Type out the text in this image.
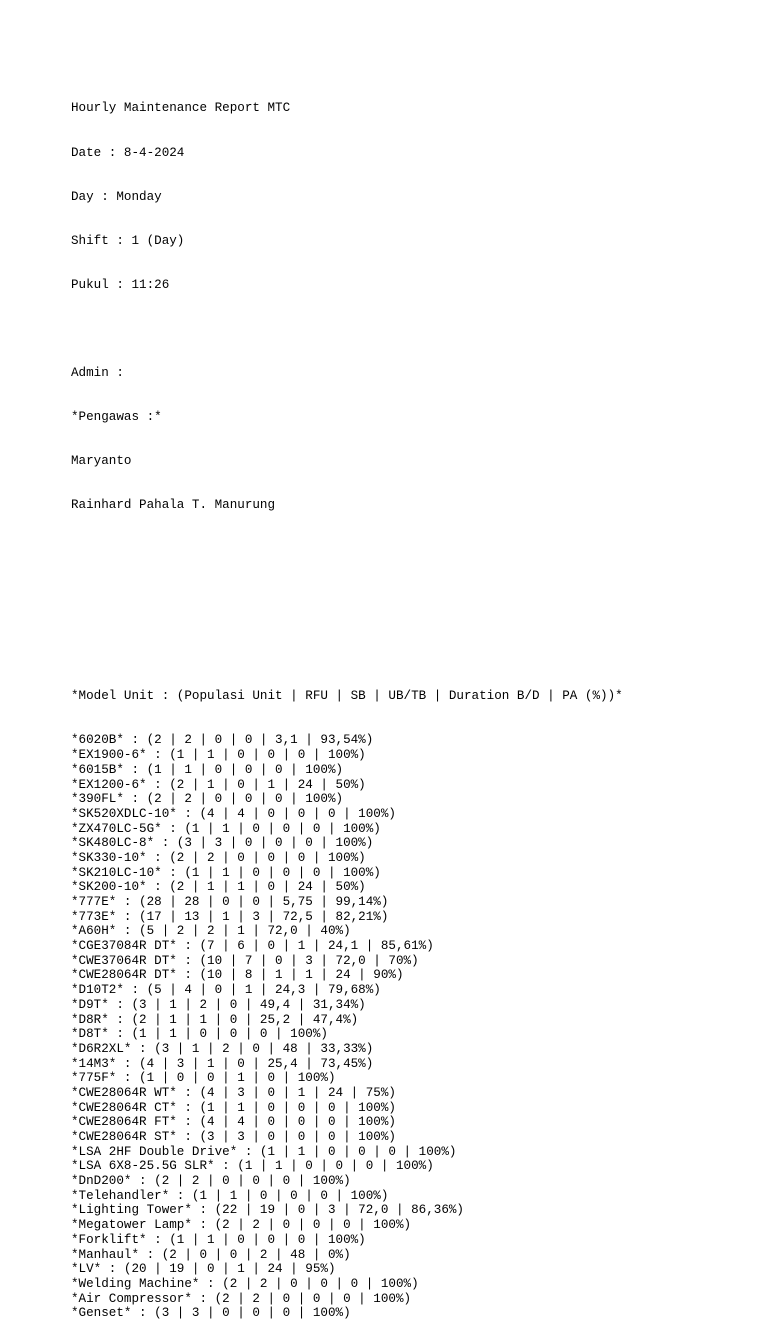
Hourly Maintenance Report MTC

Date : 8-4-2024

Day : Monday

Shift : 1 (Day)

Pukul : 11:26

Admin :

*Pengawas :*

Maryanto

Rainhard Pahala T. Manurung

*Model Unit : (Populasi Unit | RFU | SB | UB/TB | Duration B/D | PA (%))*

*6020B* : (2 | 2 | 0 | 0 | 3,1 | 93,54%)
*EX1900-6* : (1 | 1 | 0 | 0 | 0 | 100%)
*6015B* : (1 | 1 | 0 | 0 | 0 | 100%)
*EX1200-6* : (2 | 1 | 0 | 1 | 24 | 50%)
*390FL* : (2 | 2 | 0 | 0 | 0 | 100%)
*SK520XDLC-10* : (4 | 4 | 0 | 0 | 0 | 100%)
*ZX470LC-5G* : (1 | 1 | 0 | 0 | 0 | 100%)
*SK480LC-8* : (3 | 3 | 0 | 0 | 0 | 100%)
*SK330-10* : (2 | 2 | 0 | 0 | 0 | 100%)
*SK210LC-10* : (1 | 1 | 0 | 0 | 0 | 100%)
*SK200-10* : (2 | 1 | 1 | 0 | 24 | 50%)
*777E* : (28 | 28 | 0 | 0 | 5,75 | 99,14%)
*773E* : (17 | 13 | 1 | 3 | 72,5 | 82,21%)
*A60H* : (5 | 2 | 2 | 1 | 72,0 | 40%)
*CGE37084R DT* : (7 | 6 | 0 | 1 | 24,1 | 85,61%)
*CWE37064R DT* : (10 | 7 | 0 | 3 | 72,0 | 70%)
*CWE28064R DT* : (10 | 8 | 1 | 1 | 24 | 90%)
*D10T2* : (5 | 4 | 0 | 1 | 24,3 | 79,68%)
*D9T* : (3 | 1 | 2 | 0 | 49,4 | 31,34%)
*D8R* : (2 | 1 | 1 | 0 | 25,2 | 47,4%)
*D8T* : (1 | 1 | 0 | 0 | 0 | 100%)
*D6R2XL* : (3 | 1 | 2 | 0 | 48 | 33,33%)
*14M3* : (4 | 3 | 1 | 0 | 25,4 | 73,45%)
*775F* : (1 | 0 | 0 | 1 | 0 | 100%)
*CWE28064R WT* : (4 | 3 | 0 | 1 | 24 | 75%)
*CWE28064R CT* : (1 | 1 | 0 | 0 | 0 | 100%)
*CWE28064R FT* : (4 | 4 | 0 | 0 | 0 | 100%)
*CWE28064R ST* : (3 | 3 | 0 | 0 | 0 | 100%)
*LSA 2HF Double Drive* : (1 | 1 | 0 | 0 | 0 | 100%)
*LSA 6X8-25.5G SLR* : (1 | 1 | 0 | 0 | 0 | 100%)
*DnD200* : (2 | 2 | 0 | 0 | 0 | 100%)
*Telehandler* : (1 | 1 | 0 | 0 | 0 | 100%)
*Lighting Tower* : (22 | 19 | 0 | 3 | 72,0 | 86,36%)
*Megatower Lamp* : (2 | 2 | 0 | 0 | 0 | 100%)
*Forklift* : (1 | 1 | 0 | 0 | 0 | 100%)
*Manhaul* : (2 | 0 | 0 | 2 | 48 | 0%)
*LV* : (20 | 19 | 0 | 1 | 24 | 95%)
*Welding Machine* : (2 | 2 | 0 | 0 | 0 | 100%)
*Air Compressor* : (2 | 2 | 0 | 0 | 0 | 100%)
*Genset* : (3 | 3 | 0 | 0 | 0 | 100%)
